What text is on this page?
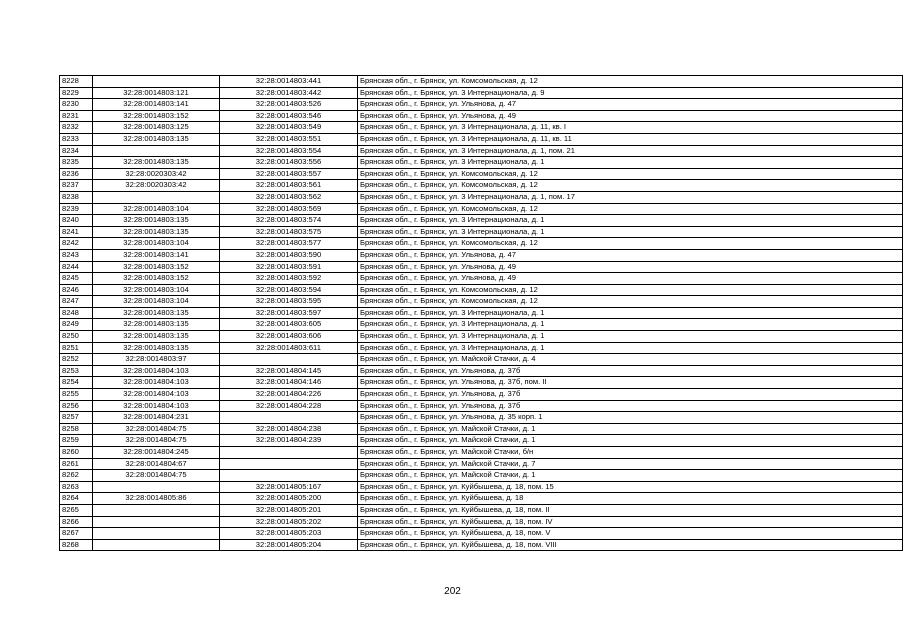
8228		32:28:0014803:441	Брянская обл., г. Брянск, ул. Комсомольская, д. 12
8229	32:28:0014803:121	32:28:0014803:442	Брянская обл., г. Брянск, ул. 3 Интернационала, д. 9
8230	32:28:0014803:141	32:28:0014803:526	Брянская обл., г. Брянск, ул. Ульянова, д. 47
8231	32:28:0014803:152	32:28:0014803:546	Брянская обл., г. Брянск, ул. Ульянова, д. 49
8232	32:28:0014803:125	32:28:0014803:549	Брянская обл., г. Брянск, ул. 3 Интернационала, д. 11, кв. I
8233	32:28:0014803:135	32:28:0014803:551	Брянская обл., г. Брянск, ул. 3 Интернационала, д. 11, кв. 11
8234		32:28:0014803:554	Брянская обл., г. Брянск, ул. 3 Интернационала, д. 1, пом. 21
8235	32:28:0014803:135	32:28:0014803:556	Брянская обл., г. Брянск, ул. 3 Интернационала, д. 1
8236	32:28:0020303:42	32:28:0014803:557	Брянская обл., г. Брянск, ул. Комсомольская, д. 12
8237	32:28:0020303:42	32:28:0014803:561	Брянская обл., г. Брянск, ул. Комсомольская, д. 12
8238		32:28:0014803:562	Брянская обл., г. Брянск, ул. 3 Интернационала, д. 1, пом. 17
8239	32:28:0014803:104	32:28:0014803:569	Брянская обл., г. Брянск, ул. Комсомольская, д. 12
8240	32:28:0014803:135	32:28:0014803:574	Брянская обл., г. Брянск, ул. 3 Интернационала, д. 1
8241	32:28:0014803:135	32:28:0014803:575	Брянская обл., г. Брянск, ул. 3 Интернационала, д. 1
8242	32:28:0014803:104	32:28:0014803:577	Брянская обл., г. Брянск, ул. Комсомольская, д. 12
8243	32:28:0014803:141	32:28:0014803:590	Брянская обл., г. Брянск, ул. Ульянова, д. 47
8244	32:28:0014803:152	32:28:0014803:591	Брянская обл., г. Брянск, ул. Ульянова, д. 49
8245	32:28:0014803:152	32:28:0014803:592	Брянская обл., г. Брянск, ул. Ульянова, д. 49
8246	32:28:0014803:104	32:28:0014803:594	Брянская обл., г. Брянск, ул. Комсомольская, д. 12
8247	32:28:0014803:104	32:28:0014803:595	Брянская обл., г. Брянск, ул. Комсомольская, д. 12
8248	32:28:0014803:135	32:28:0014803:597	Брянская обл., г. Брянск, ул. 3 Интернационала, д. 1
8249	32:28:0014803:135	32:28:0014803:605	Брянская обл., г. Брянск, ул. 3 Интернационала, д. 1
8250	32:28:0014803:135	32:28:0014803:606	Брянская обл., г. Брянск, ул. 3 Интернационала, д. 1
8251	32:28:0014803:135	32:28:0014803:611	Брянская обл., г. Брянск, ул. 3 Интернационала, д. 1
8252	32:28:0014803:97		Брянская обл., г. Брянск, ул. Майской Стачки, д. 4
8253	32:28:0014804:103	32:28:0014804:145	Брянская обл., г. Брянск, ул. Ульянова, д. 37б
8254	32:28:0014804:103	32:28:0014804:146	Брянская обл., г. Брянск, ул. Ульянова, д. 37б, пом. II
8255	32:28:0014804:103	32:28:0014804:226	Брянская обл., г. Брянск, ул. Ульянова, д. 37б
8256	32:28:0014804:103	32:28:0014804:228	Брянская обл., г. Брянск, ул. Ульянова, д. 37б
8257	32:28:0014804:231		Брянская обл., г. Брянск, ул. Ульянова, д. 35 корп. 1
8258	32:28:0014804:75	32:28:0014804:238	Брянская обл., г. Брянск, ул. Майской Стачки, д. 1
8259	32:28:0014804:75	32:28:0014804:239	Брянская обл., г. Брянск, ул. Майской Стачки, д. 1
8260	32:28:0014804:245		Брянская обл., г. Брянск, ул. Майской Стачки, б/н
8261	32:28:0014804:67		Брянская обл., г. Брянск, ул. Майской Стачки, д. 7
8262	32:28:0014804:75		Брянская обл., г. Брянск, ул. Майской Стачки, д. 1
8263		32:28:0014805:167	Брянская обл., г. Брянск, ул. Куйбышева, д. 18, пом. 15
8264	32:28:0014805:86	32:28:0014805:200	Брянская обл., г. Брянск, ул. Куйбышева, д. 18
8265		32:28:0014805:201	Брянская обл., г. Брянск, ул. Куйбышева, д. 18, пом. II
8266		32:28:0014805:202	Брянская обл., г. Брянск, ул. Куйбышева, д. 18, пом. IV
8267		32:28:0014805:203	Брянская обл., г. Брянск, ул. Куйбышева, д. 18, пом. V
8268		32:28:0014805:204	Брянская обл., г. Брянск, ул. Куйбышева, д. 18, пом. VIII
202
